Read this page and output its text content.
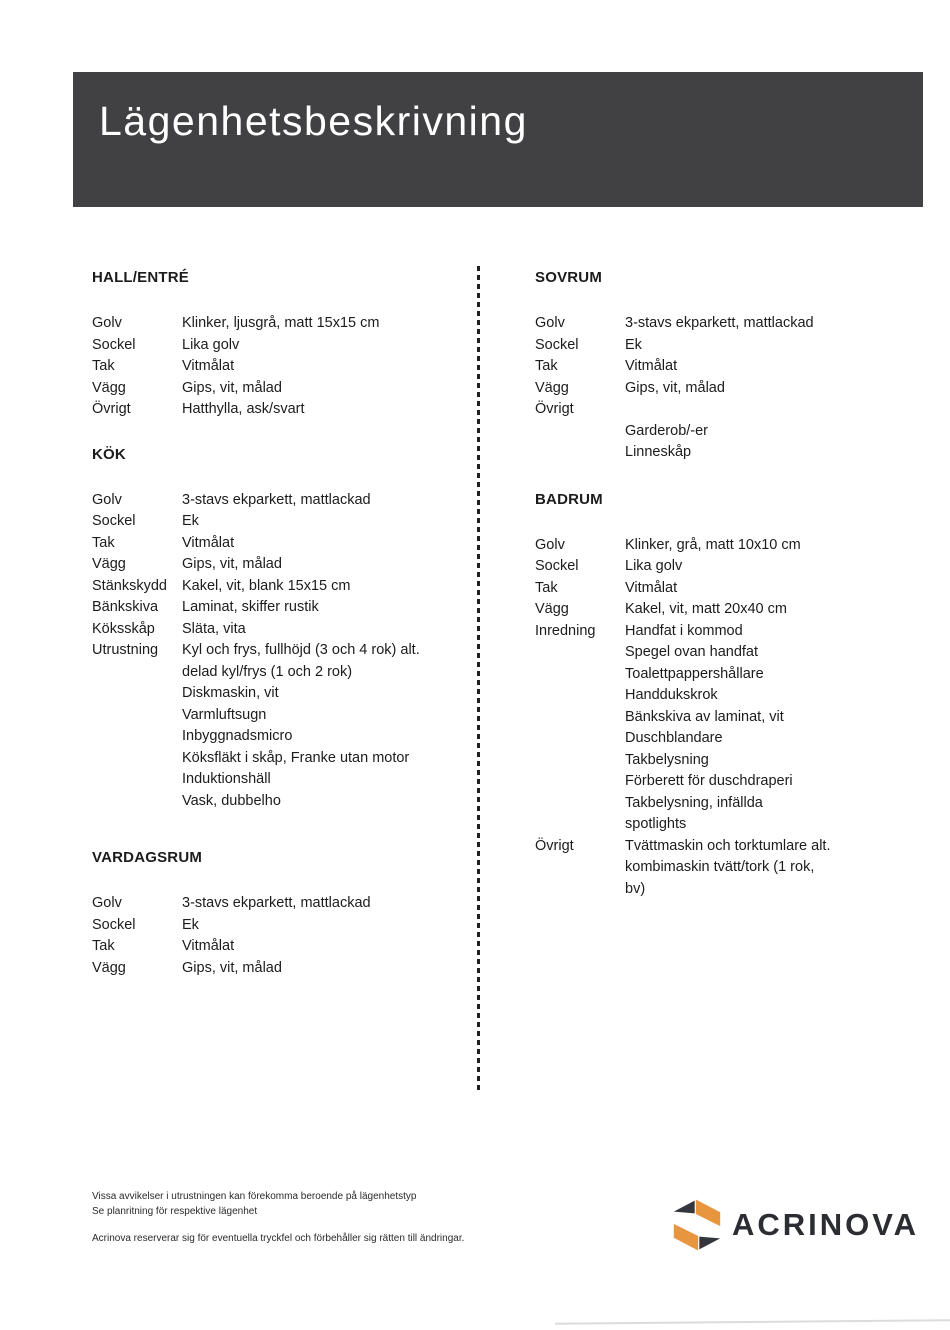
Lägenhetsbeskrivning
HALL/ENTRÉ
Golv	Klinker, ljusgrå, matt 15x15 cm
Sockel	Lika golv
Tak	Vitmålat
Vägg	Gips, vit, målad
Övrigt	Hatthylla, ask/svart
KÖK
Golv	3-stavs ekparkett, mattlackad
Sockel	Ek
Tak	Vitmålat
Vägg	Gips, vit, målad
Stänkskydd	Kakel, vit, blank 15x15 cm
Bänkskiva	Laminat, skiffer rustik
Köksskåp	Släta, vita
Utrustning	Kyl och frys, fullhöjd (3 och 4 rok) alt.
delad kyl/frys (1 och 2 rok)
Diskmaskin, vit
Varmluftsugn
Inbyggnadsmicro
Köksfläkt i skåp, Franke utan motor
Induktionshäll
Vask, dubbelho
VARDAGSRUM
Golv	3-stavs ekparkett, mattlackad
Sockel	Ek
Tak	Vitmålat
Vägg	Gips, vit, målad
SOVRUM
Golv	3-stavs ekparkett, mattlackad
Sockel	Ek
Tak	Vitmålat
Vägg	Gips, vit, målad
Övrigt
Garderob/-er
Linneskåp
BADRUM
Golv	Klinker, grå, matt 10x10 cm
Sockel	Lika golv
Tak	Vitmålat
Vägg	Kakel, vit, matt 20x40 cm
Inredning	Handfat i kommod
Spegel ovan handfat
Toalettpappershållare
Handdukskrok
Bänkskiva av laminat, vit
Duschblandare
Takbelysning
Förberett för duschdraperi
Takbelysning, infällda
spotlights
Övrigt	Tvättmaskin och torktumlare alt.
kombimaskin tvätt/tork (1 rok,
bv)
Vissa avvikelser i utrustningen kan förekomma beroende på lägenhetstyp
Se planritning för respektive lägenhet
Acrinova reserverar sig för eventuella tryckfel och förbehåller sig rätten till ändringar.	ACRINOVA
